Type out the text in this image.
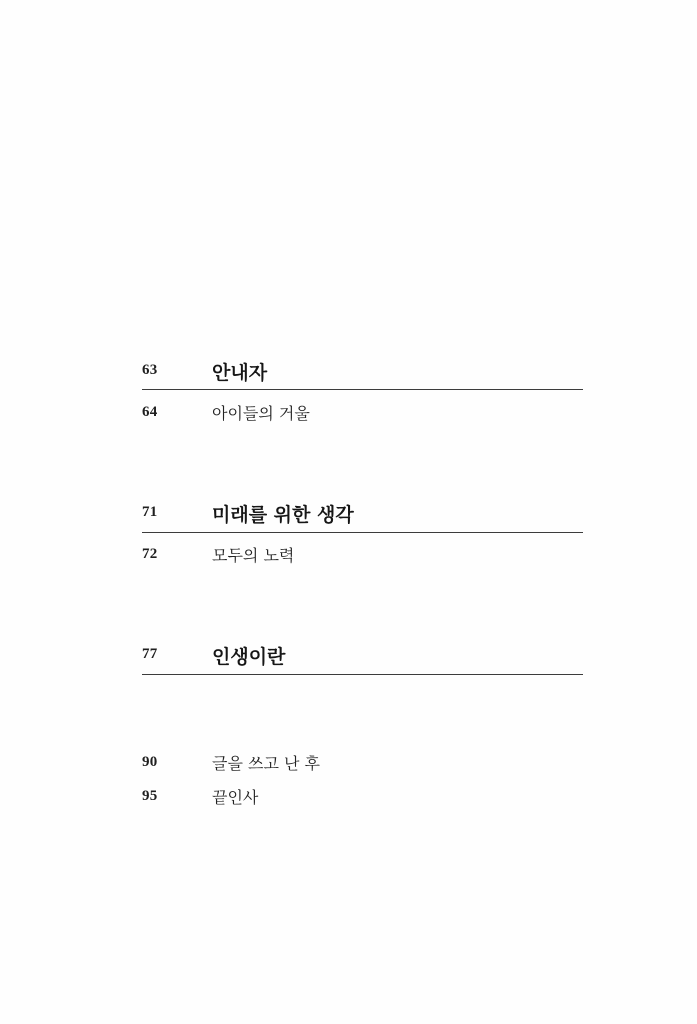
63	안내자
64	아이들의 거울
71	미래를 위한 생각
72	모두의 노력
77	인생이란
90	글을 쓰고 난 후
95	끝인사
